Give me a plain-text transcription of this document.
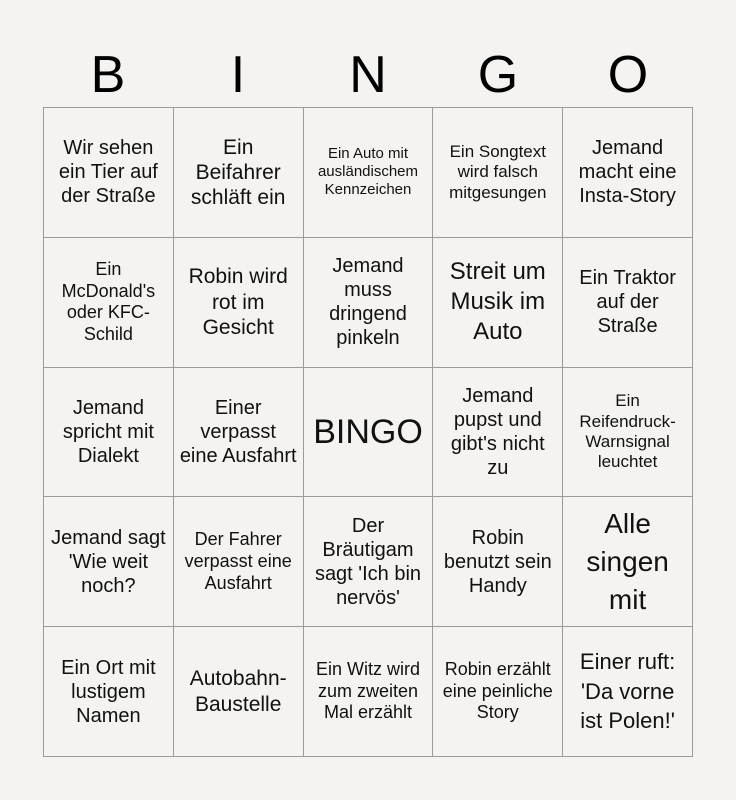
B	I	N	G	O
Wir sehen ein Tier auf der Straße
Ein Beifahrer schläft ein
Ein Auto mit ausländischem Kennzeichen
Ein Songtext wird falsch mitgesungen
Jemand macht eine Insta-Story
Ein McDonald's oder KFC-Schild
Robin wird rot im Gesicht
Jemand muss dringend pinkeln
Streit um Musik im Auto
Ein Traktor auf der Straße
Jemand spricht mit Dialekt
Einer verpasst eine Ausfahrt
BINGO
Jemand pupst und gibt's nicht zu
Ein Reifendruck-Warnsignal leuchtet
Jemand sagt 'Wie weit noch?
Der Fahrer verpasst eine Ausfahrt
Der Bräutigam sagt 'Ich bin nervös'
Robin benutzt sein Handy
Alle singen mit
Ein Ort mit lustigem Namen
Autobahn-Baustelle
Ein Witz wird zum zweiten Mal erzählt
Robin erzählt eine peinliche Story
Einer ruft: 'Da vorne ist Polen!'
